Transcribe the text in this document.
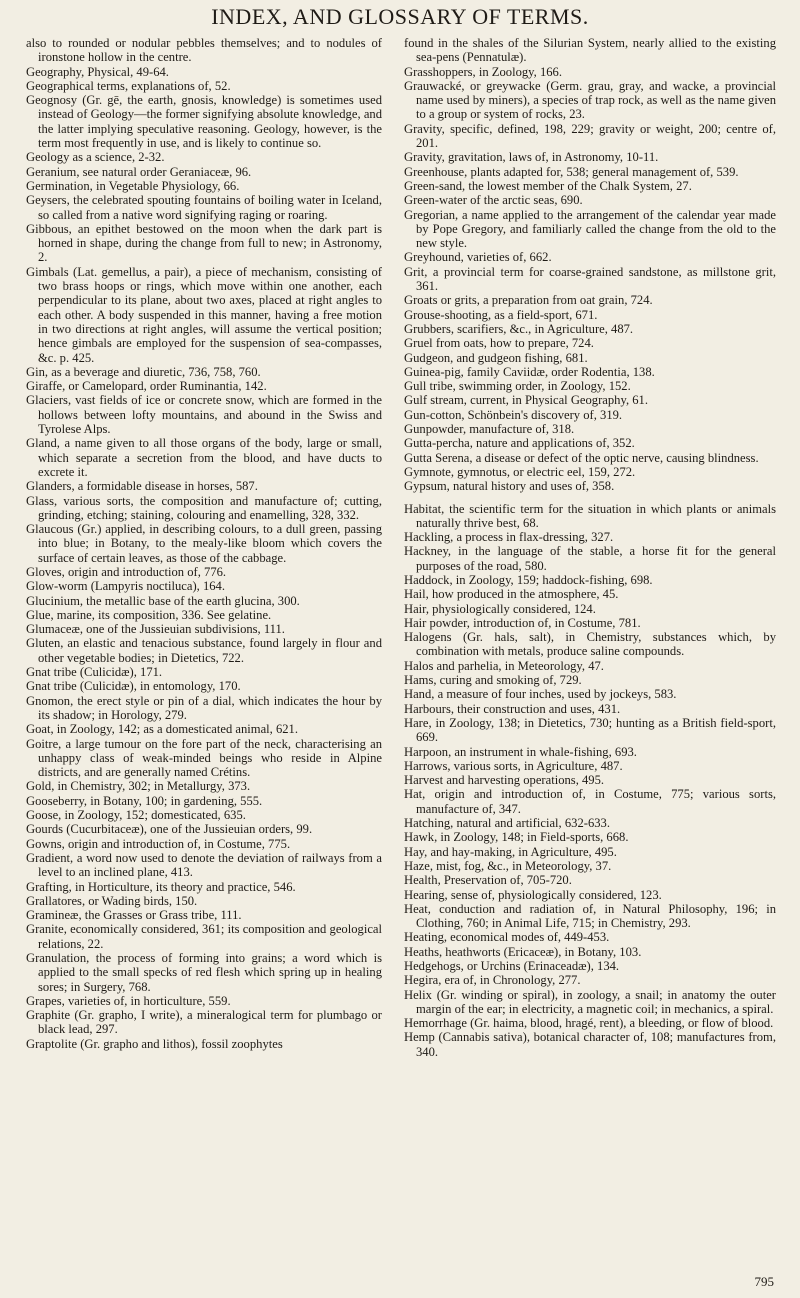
INDEX, AND GLOSSARY OF TERMS.

also to rounded or nodular pebbles themselves; and to nodules of ironstone hollow in the centre.

Geography, Physical, 49-64.

Geographical terms, explanations of, 52.

Geognosy (Gr. gē, the earth, gnosis, knowledge) is sometimes used instead of Geology—the former signifying absolute knowledge, and the latter implying speculative reasoning. Geology, however, is the term most frequently in use, and is likely to continue so.

Geology as a science, 2-32.

Geranium, see natural order Geraniaceæ, 96.

Germination, in Vegetable Physiology, 66.

Geysers, the celebrated spouting fountains of boiling water in Iceland, so called from a native word signifying raging or roaring.

Gibbous, an epithet bestowed on the moon when the dark part is horned in shape, during the change from full to new; in Astronomy, 2.

Gimbals (Lat. gemellus, a pair), a piece of mechanism, consisting of two brass hoops or rings, which move within one another, each perpendicular to its plane, about two axes, placed at right angles to each other. A body suspended in this manner, having a free motion in two directions at right angles, will assume the vertical position; hence gimbals are employed for the suspension of sea-compasses, &c. p. 425.

Gin, as a beverage and diuretic, 736, 758, 760.

Giraffe, or Camelopard, order Ruminantia, 142.

Glaciers, vast fields of ice or concrete snow, which are formed in the hollows between lofty mountains, and abound in the Swiss and Tyrolese Alps.

Gland, a name given to all those organs of the body, large or small, which separate a secretion from the blood, and have ducts to excrete it.

Glanders, a formidable disease in horses, 587.

Glass, various sorts, the composition and manufacture of; cutting, grinding, etching; staining, colouring and enamelling, 328, 332.

Glaucous (Gr.) applied, in describing colours, to a dull green, passing into blue; in Botany, to the mealy-like bloom which covers the surface of certain leaves, as those of the cabbage.

Gloves, origin and introduction of, 776.

Glow-worm (Lampyris noctiluca), 164.

Glucinium, the metallic base of the earth glucina, 300.

Glue, marine, its composition, 336. See gelatine.

Glumaceæ, one of the Jussieuian subdivisions, 111.

Gluten, an elastic and tenacious substance, found largely in flour and other vegetable bodies; in Dietetics, 722.

Gnat tribe (Culicidæ), 171.

Gnat tribe (Culicidæ), in entomology, 170.

Gnomon, the erect style or pin of a dial, which indicates the hour by its shadow; in Horology, 279.

Goat, in Zoology, 142; as a domesticated animal, 621.

Goitre, a large tumour on the fore part of the neck, characterising an unhappy class of weak-minded beings who reside in Alpine districts, and are generally named Crétins.

Gold, in Chemistry, 302; in Metallurgy, 373.

Gooseberry, in Botany, 100; in gardening, 555.

Goose, in Zoology, 152; domesticated, 635.

Gourds (Cucurbitaceæ), one of the Jussieuian orders, 99.

Gowns, origin and introduction of, in Costume, 775.

Gradient, a word now used to denote the deviation of railways from a level to an inclined plane, 413.

Grafting, in Horticulture, its theory and practice, 546.

Grallatores, or Wading birds, 150.

Gramineæ, the Grasses or Grass tribe, 111.

Granite, economically considered, 361; its composition and geological relations, 22.

Granulation, the process of forming into grains; a word which is applied to the small specks of red flesh which spring up in healing sores; in Surgery, 768.

Grapes, varieties of, in horticulture, 559.

Graphite (Gr. grapho, I write), a mineralogical term for plumbago or black lead, 297.

Graptolite (Gr. grapho and lithos), fossil zoophytes

found in the shales of the Silurian System, nearly allied to the existing sea-pens (Pennatulæ).

Grasshoppers, in Zoology, 166.

Grauwacké, or greywacke (Germ. grau, gray, and wacke, a provincial name used by miners), a species of trap rock, as well as the name given to a group or system of rocks, 23.

Gravity, specific, defined, 198, 229; gravity or weight, 200; centre of, 201.

Gravity, gravitation, laws of, in Astronomy, 10-11.

Greenhouse, plants adapted for, 538; general management of, 539.

Green-sand, the lowest member of the Chalk System, 27.

Green-water of the arctic seas, 690.

Gregorian, a name applied to the arrangement of the calendar year made by Pope Gregory, and familiarly called the change from the old to the new style.

Greyhound, varieties of, 662.

Grit, a provincial term for coarse-grained sandstone, as millstone grit, 361.

Groats or grits, a preparation from oat grain, 724.

Grouse-shooting, as a field-sport, 671.

Grubbers, scarifiers, &c., in Agriculture, 487.

Gruel from oats, how to prepare, 724.

Gudgeon, and gudgeon fishing, 681.

Guinea-pig, family Caviidæ, order Rodentia, 138.

Gull tribe, swimming order, in Zoology, 152.

Gulf stream, current, in Physical Geography, 61.

Gun-cotton, Schönbein's discovery of, 319.

Gunpowder, manufacture of, 318.

Gutta-percha, nature and applications of, 352.

Gutta Serena, a disease or defect of the optic nerve, causing blindness.

Gymnote, gymnotus, or electric eel, 159, 272.

Gypsum, natural history and uses of, 358.

Habitat, the scientific term for the situation in which plants or animals naturally thrive best, 68.

Hackling, a process in flax-dressing, 327.

Hackney, in the language of the stable, a horse fit for the general purposes of the road, 580.

Haddock, in Zoology, 159; haddock-fishing, 698.

Hail, how produced in the atmosphere, 45.

Hair, physiologically considered, 124.

Hair powder, introduction of, in Costume, 781.

Halogens (Gr. hals, salt), in Chemistry, substances which, by combination with metals, produce saline compounds.

Halos and parhelia, in Meteorology, 47.

Hams, curing and smoking of, 729.

Hand, a measure of four inches, used by jockeys, 583.

Harbours, their construction and uses, 431.

Hare, in Zoology, 138; in Dietetics, 730; hunting as a British field-sport, 669.

Harpoon, an instrument in whale-fishing, 693.

Harrows, various sorts, in Agriculture, 487.

Harvest and harvesting operations, 495.

Hat, origin and introduction of, in Costume, 775; various sorts, manufacture of, 347.

Hatching, natural and artificial, 632-633.

Hawk, in Zoology, 148; in Field-sports, 668.

Hay, and hay-making, in Agriculture, 495.

Haze, mist, fog, &c., in Meteorology, 37.

Health, Preservation of, 705-720.

Hearing, sense of, physiologically considered, 123.

Heat, conduction and radiation of, in Natural Philosophy, 196; in Clothing, 760; in Animal Life, 715; in Chemistry, 293.

Heating, economical modes of, 449-453.

Heaths, heathworts (Ericaceæ), in Botany, 103.

Hedgehogs, or Urchins (Erinaceadæ), 134.

Hegira, era of, in Chronology, 277.

Helix (Gr. winding or spiral), in zoology, a snail; in anatomy the outer margin of the ear; in electricity, a magnetic coil; in mechanics, a spiral.

Hemorrhage (Gr. haima, blood, hragé, rent), a bleeding, or flow of blood.

Hemp (Cannabis sativa), botanical character of, 108; manufactures from, 340.

795
